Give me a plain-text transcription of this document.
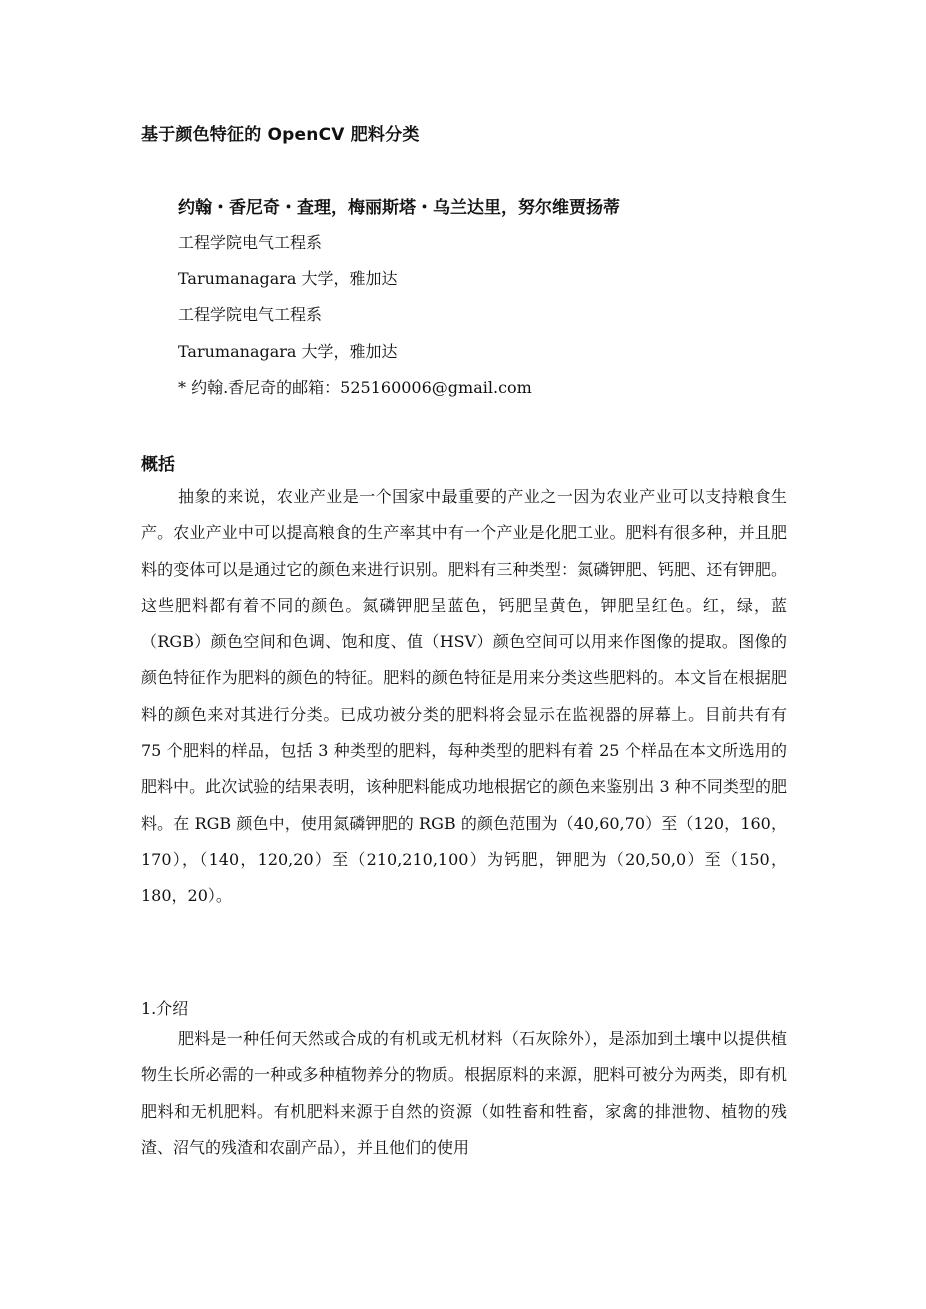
基于颜色特征的 OpenCV 肥料分类
约翰・香尼奇・查理，梅丽斯塔・乌兰达里，努尔维贾扬蒂
工程学院电气工程系
Tarumanagara 大学，雅加达
工程学院电气工程系
Tarumanagara 大学，雅加达
* 约翰.香尼奇的邮箱：525160006@gmail.com
概括

抽象的来说，农业产业是一个国家中最重要的产业之一因为农业产业可以支持粮食生产。农业产业中可以提高粮食的生产率其中有一个产业是化肥工业。肥料有很多种，并且肥料的变体可以是通过它的颜色来进行识别。肥料有三种类型：氮磷钾肥、钙肥、还有钾肥。这些肥料都有着不同的颜色。氮磷钾肥呈蓝色，钙肥呈黄色，钾肥呈红色。红，绿，蓝（RGB）颜色空间和色调、饱和度、值（HSV）颜色空间可以用来作图像的提取。图像的颜色特征作为肥料的颜色的特征。肥料的颜色特征是用来分类这些肥料的。本文旨在根据肥料的颜色来对其进行分类。已成功被分类的肥料将会显示在监视器的屏幕上。目前共有有 75 个肥料的样品，包括 3 种类型的肥料，每种类型的肥料有着 25 个样品在本文所选用的肥料中。此次试验的结果表明，该种肥料能成功地根据它的颜色来鉴别出 3 种不同类型的肥料。在 RGB 颜色中，使用氮磷钾肥的 RGB 的颜色范围为（40,60,70）至（120，160，170），（140，120,20）至（210,210,100）为钙肥，钾肥为（20,50,0）至（150，180，20）。

1.介绍

肥料是一种任何天然或合成的有机或无机材料（石灰除外），是添加到土壤中以提供植物生长所必需的一种或多种植物养分的物质。根据原料的来源，肥料可被分为两类，即有机肥料和无机肥料。有机肥料来源于自然的资源（如牲畜和牲畜，家禽的排泄物、植物的残渣、沼气的残渣和农副产品），并且他们的使用
